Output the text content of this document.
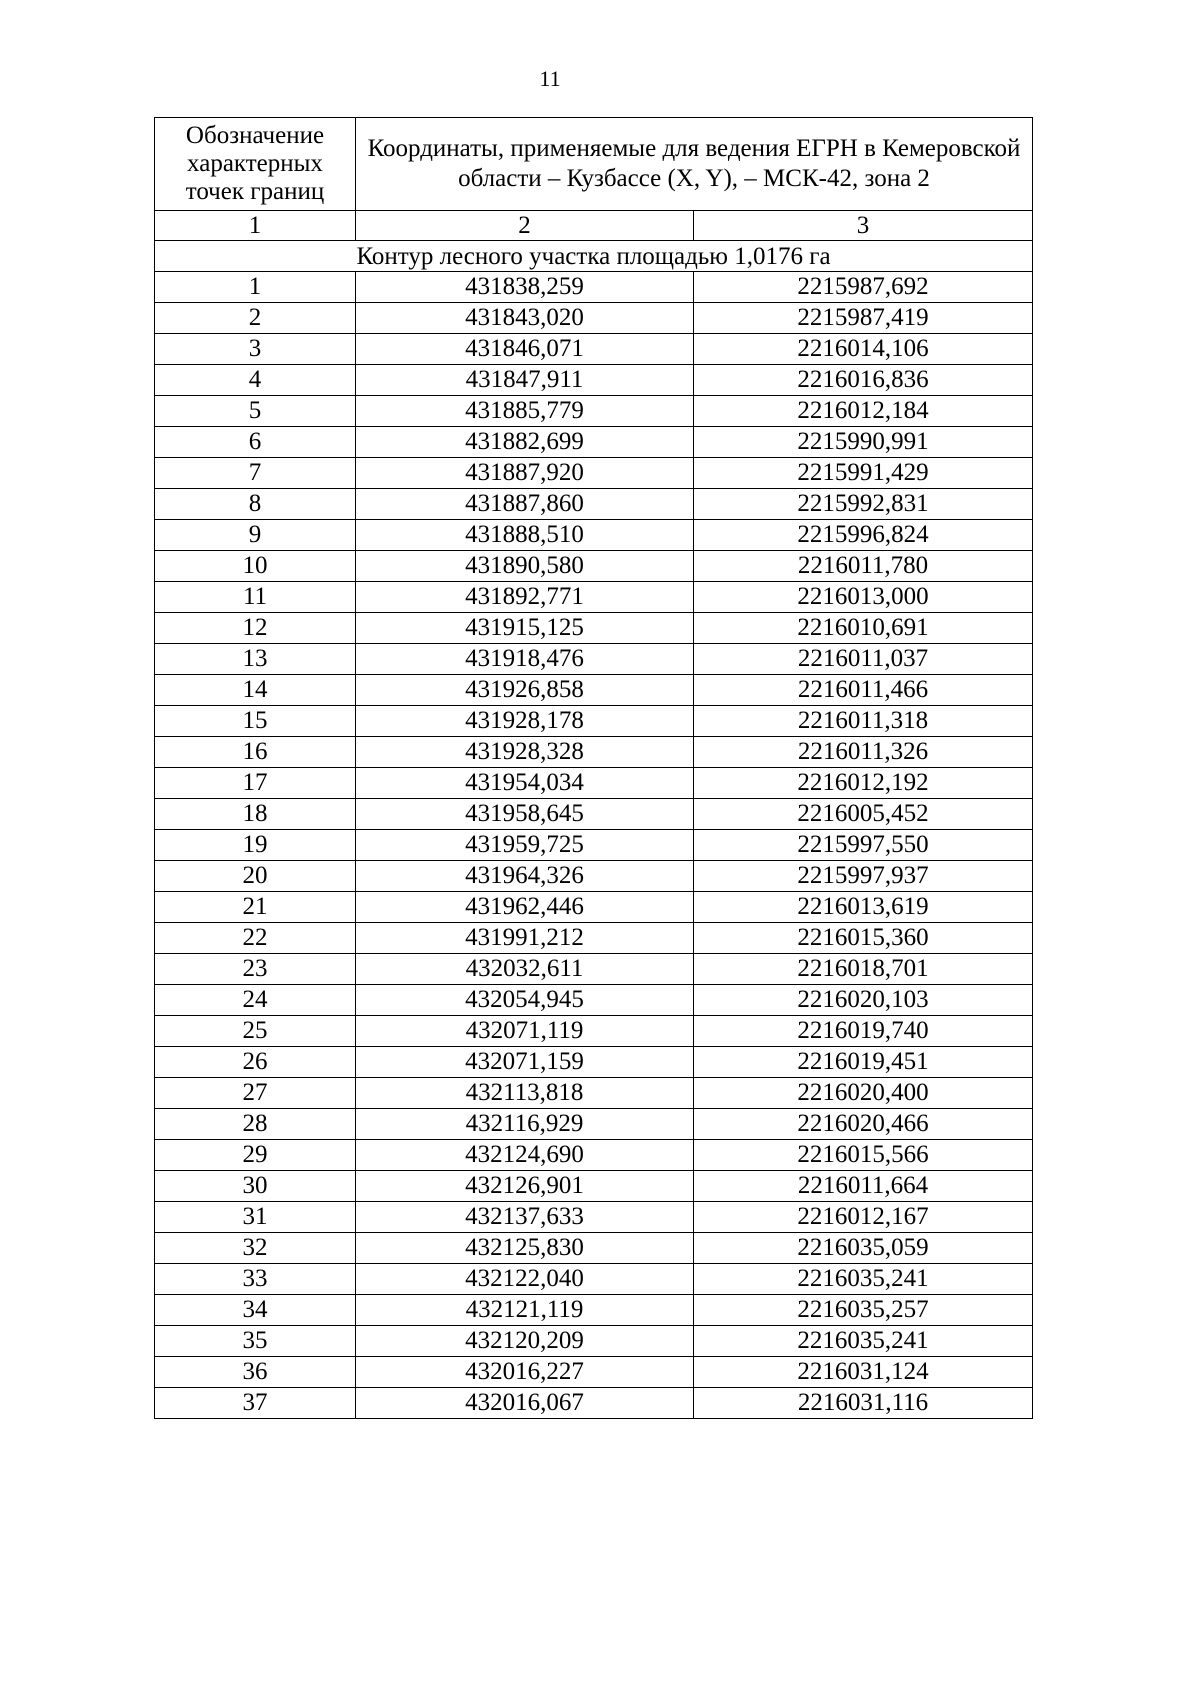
11
Обозначение характерных точек границ	Координаты, применяемые для ведения ЕГРН в Кемеровской области – Кузбассе (X, Y), – МСК-42, зона 2	
1	2	3
Контур лесного участка площадью 1,0176 га		
1	431838,259	2215987,692
2	431843,020	2215987,419
3	431846,071	2216014,106
4	431847,911	2216016,836
5	431885,779	2216012,184
6	431882,699	2215990,991
7	431887,920	2215991,429
8	431887,860	2215992,831
9	431888,510	2215996,824
10	431890,580	2216011,780
11	431892,771	2216013,000
12	431915,125	2216010,691
13	431918,476	2216011,037
14	431926,858	2216011,466
15	431928,178	2216011,318
16	431928,328	2216011,326
17	431954,034	2216012,192
18	431958,645	2216005,452
19	431959,725	2215997,550
20	431964,326	2215997,937
21	431962,446	2216013,619
22	431991,212	2216015,360
23	432032,611	2216018,701
24	432054,945	2216020,103
25	432071,119	2216019,740
26	432071,159	2216019,451
27	432113,818	2216020,400
28	432116,929	2216020,466
29	432124,690	2216015,566
30	432126,901	2216011,664
31	432137,633	2216012,167
32	432125,830	2216035,059
33	432122,040	2216035,241
34	432121,119	2216035,257
35	432120,209	2216035,241
36	432016,227	2216031,124
37	432016,067	2216031,116
